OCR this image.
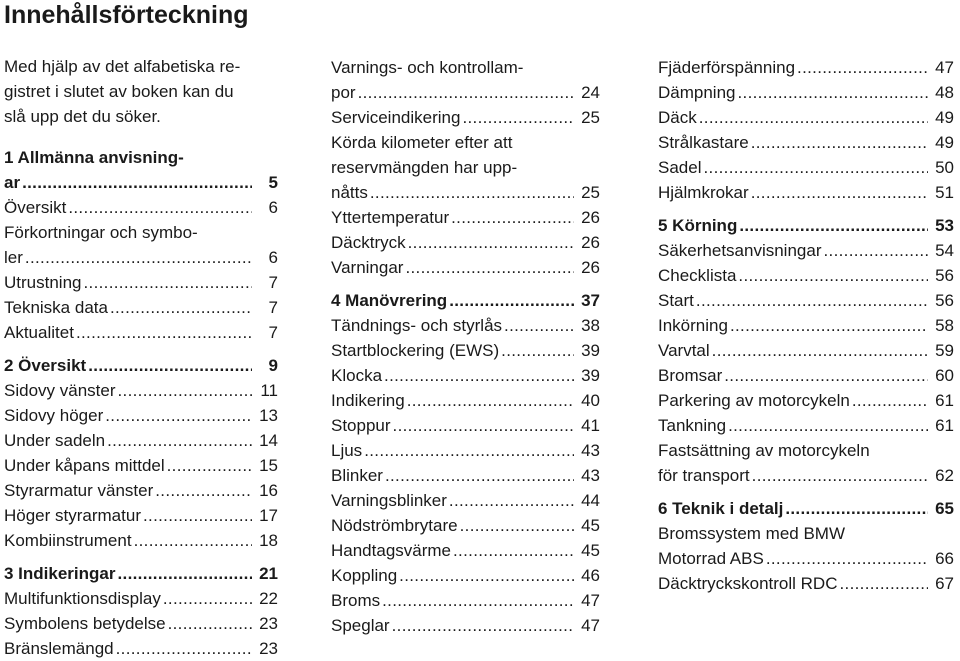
Innehållsförteckning
Med hjälp av det alfabetiska re-
gistret i slutet av boken kan du
slå upp det du söker.
1 Allmänna anvisning-
ar . . .	5
Översikt . . .	6
Förkortningar och symbo-
ler . . .	6
Utrustning . . .	7
Tekniska data . . .	7
Aktualitet . . .	7
2 Översikt . . .	9
Sidovy vänster . . .	11
Sidovy höger . . .	13
Under sadeln . . .	14
Under kåpans mittdel . . .	15
Styrarmatur vänster . . .	16
Höger styrarmatur . . .	17
Kombiinstrument . . .	18
3 Indikeringar . . .	21
Multifunktionsdisplay . . .	22
Symbolens betydelse . . .	23
Bränslemängd . . .	23
Varnings- och kontrollam-
por . . .	24
Serviceindikering . . .	25
Körda kilometer efter att
reservmängden har upp-
nåtts . . .	25
Yttertemperatur . . .	26
Däcktryck . . .	26
Varningar . . .	26
4 Manövrering . . .	37
Tändnings- och styrlås . . .	38
Startblockering (EWS) . . .	39
Klocka . . .	39
Indikering . . .	40
Stoppur . . .	41
Ljus . . .	43
Blinker . . .	43
Varningsblinker . . .	44
Nödströmbrytare . . .	45
Handtagsvärme . . .	45
Koppling . . .	46
Broms . . .	47
Speglar . . .	47
Fjäderförspänning . . .	47
Dämpning . . .	48
Däck . . .	49
Strålkastare . . .	49
Sadel . . .	50
Hjälmkrokar . . .	51
5 Körning . . .	53
Säkerhetsanvisningar . . .	54
Checklista . . .	56
Start . . .	56
Inkörning . . .	58
Varvtal . . .	59
Bromsar . . .	60
Parkering av motorcykeln . . .	61
Tankning . . .	61
Fastsättning av motorcykeln
för transport . . .	62
6 Teknik i detalj . . .	65
Bromssystem med BMW
Motorrad ABS . . .	66
Däcktryckskontroll RDC . . .	67
